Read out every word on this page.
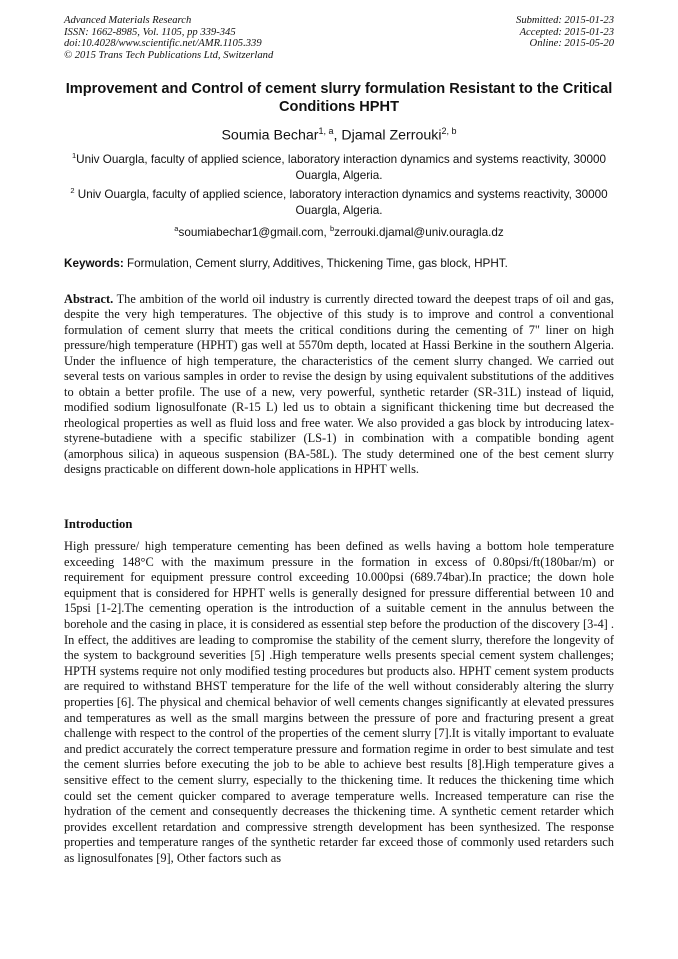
Advanced Materials Research
ISSN: 1662-8985, Vol. 1105, pp 339-345
doi:10.4028/www.scientific.net/AMR.1105.339
© 2015 Trans Tech Publications Ltd, Switzerland
Submitted: 2015-01-23
Accepted: 2015-01-23
Online: 2015-05-20
Improvement and Control of cement slurry formulation Resistant to the Critical Conditions HPHT
Soumia Bechar$^{1, a}$, Djamal Zerrouki$^{2, b}$
$^1$Univ Ouargla, faculty of applied science, laboratory interaction dynamics and systems reactivity, 30000 Ouargla, Algeria.
$^2$ Univ Ouargla, faculty of applied science, laboratory interaction dynamics and systems reactivity, 30000 Ouargla, Algeria.
$^a$soumiabechar1@gmail.com, $^b$zerrouki.djamal@univ.ouragla.dz
Keywords: Formulation, Cement slurry, Additives, Thickening Time, gas block, HPHT.

Abstract. The ambition of the world oil industry is currently directed toward the deepest traps of oil and gas, despite the very high temperatures. The objective of this study is to improve and control a conventional formulation of cement slurry that meets the critical conditions during the cementing of 7" liner on high pressure/high temperature (HPHT) gas well at 5570m depth, located at Hassi Berkine in the southern Algeria. Under the influence of high temperature, the characteristics of the cement slurry changed. We carried out several tests on various samples in order to revise the design by using equivalent substitutions of the additives to obtain a better profile. The use of a new, very powerful, synthetic retarder (SR-31L) instead of liquid, modified sodium lignosulfonate (R-15 L) led us to obtain a significant thickening time but decreased the rheological properties as well as fluid loss and free water. We also provided a gas block by introducing latex-styrene-butadiene with a specific stabilizer (LS-1) in combination with a compatible bonding agent (amorphous silica) in aqueous suspension (BA-58L). The study determined one of the best cement slurry designs practicable on different down-hole applications in HPHT wells.

Introduction

High pressure/ high temperature cementing has been defined as wells having a bottom hole temperature exceeding 148°C with the maximum pressure in the formation in excess of 0.80psi/ft(180bar/m) or requirement for equipment pressure control exceeding 10.000psi (689.74bar).In practice; the down hole equipment that is considered for HPHT wells is generally designed for pressure differential between 10 and 15psi [1-2].The cementing operation is the introduction of a suitable cement in the annulus between the borehole and the casing in place, it is considered as essential step before the production of the discovery [3-4] . In effect, the additives are leading to compromise the stability of the cement slurry, therefore the longevity of the system to background severities [5] .High temperature wells presents special cement system challenges; HPTH systems require not only modified testing procedures but products also. HPHT cement system products are required to withstand BHST temperature for the life of the well without considerably altering the slurry properties [6]. The physical and chemical behavior of well cements changes significantly at elevated pressures and temperatures as well as the small margins between the pressure of pore and fracturing present a great challenge with respect to the control of the properties of the cement slurry [7].It is vitally important to evaluate and predict accurately the correct temperature pressure and formation regime in order to best simulate and test the cement slurries before executing the job to be able to achieve best results [8].High temperature gives a sensitive effect to the cement slurry, especially to the thickening time. It reduces the thickening time which could set the cement quicker compared to average temperature wells. Increased temperature can rise the hydration of the cement and consequently decreases the thickening time. A synthetic cement retarder which provides excellent retardation and compressive strength development has been synthesized. The response properties and temperature ranges of the synthetic retarder far exceed those of commonly used retarders such as lignosulfonates [9], Other factors such as
